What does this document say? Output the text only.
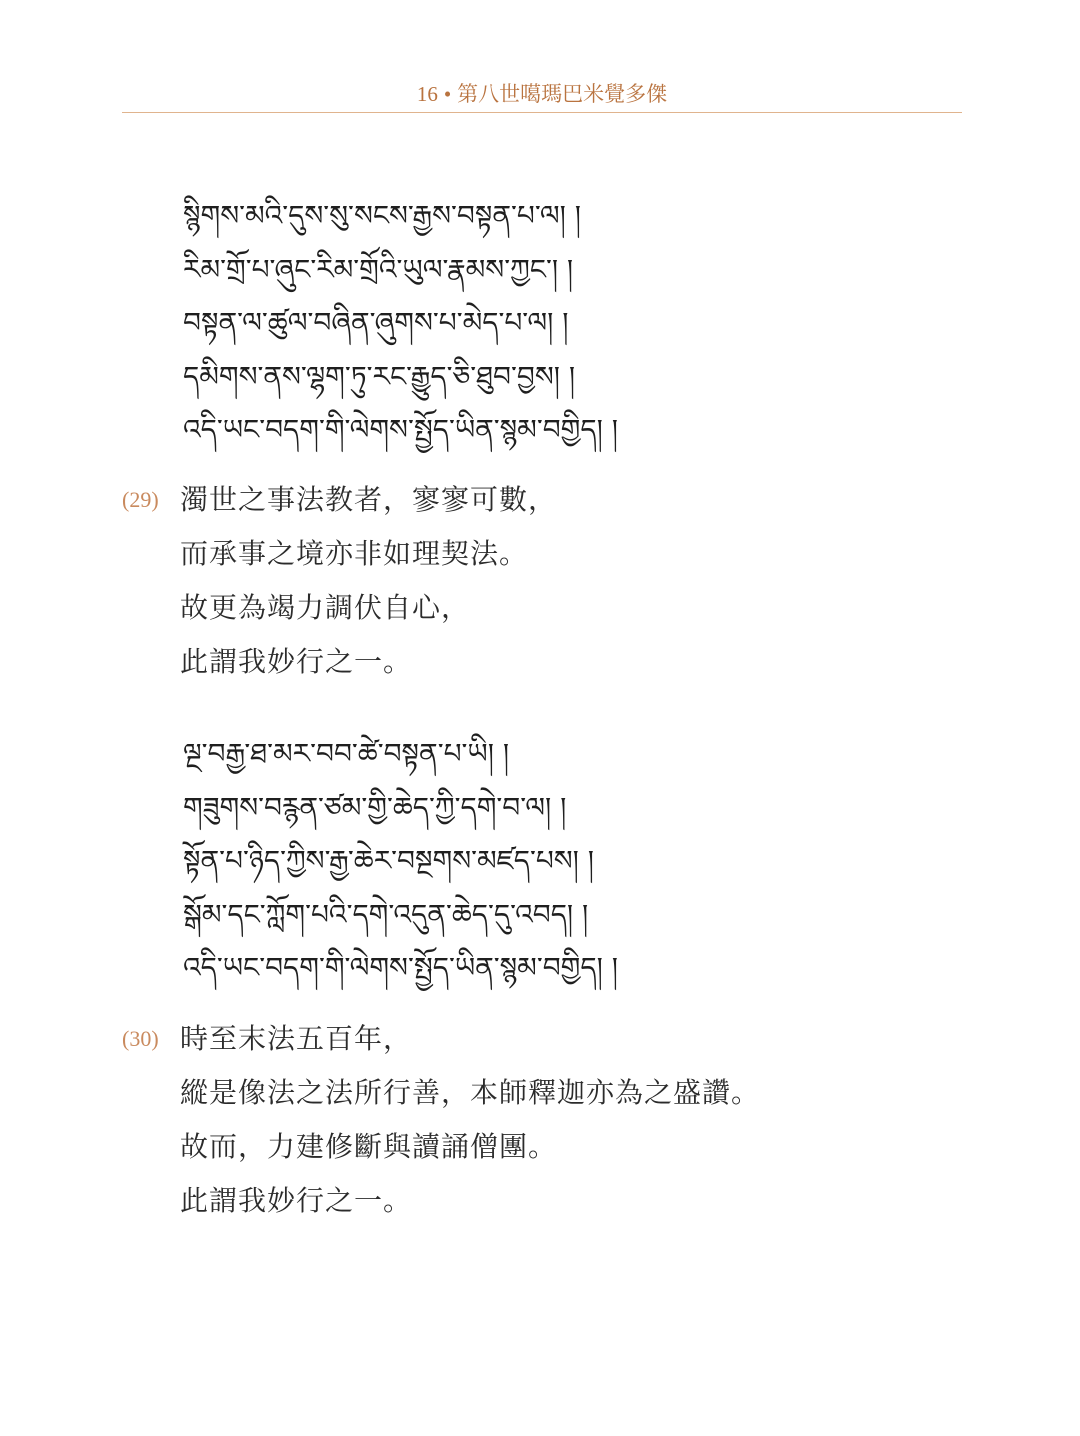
16 • 第八世噶瑪巴米覺多傑
སྙིགས་མའི་དུས་སུ་སངས་རྒྱས་བསྟན་པ་ལ། །
རིམ་གྲོ་པ་ཞུང་རིམ་གྲོའི་ཡུལ་རྣམས་ཀྱང་། །
བསྟན་ལ་ཚུལ་བཞིན་ཞུགས་པ་མེད་པ་ལ། །
དམིགས་ནས་ལྷག་ཏུ་རང་རྒྱུད་ཅི་ཐུབ་བྱས། །
འདི་ཡང་བདག་གི་ལེགས་སྤྱོད་ཡིན་སྙམ་བགྱིད། །
(29) 濁世之事法教者，寥寥可數，
而承事之境亦非如理契法。
故更為竭力調伏自心，
此謂我妙行之一。
ལྔ་བརྒྱ་ཐ་མར་བབ་ཚེ་བསྟན་པ་ཡི། །
གཟུགས་བརྙན་ཙམ་གྱི་ཆེད་ཀྱི་དགེ་བ་ལ། །
སྟོན་པ་ཉིད་ཀྱིས་རྒྱ་ཆེར་བསྔགས་མཛད་པས། །
སྒོམ་དང་ཀློག་པའི་དགེ་འདུན་ཆེད་དུ་འབད། །
འདི་ཡང་བདག་གི་ལེགས་སྤྱོད་ཡིན་སྙམ་བགྱིད། །
(30) 時至末法五百年，
縱是像法之法所行善，本師釋迦亦為之盛讚。
故而，力建修斷與讀誦僧團。
此謂我妙行之一。
